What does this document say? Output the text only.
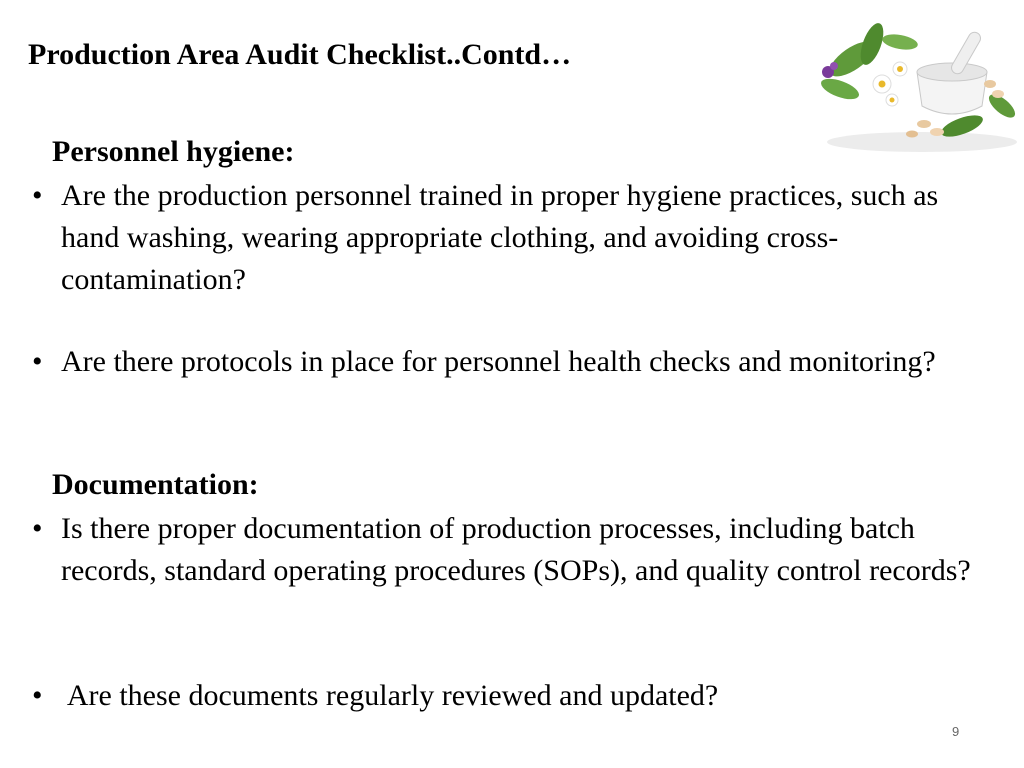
Production Area Audit Checklist..Contd…
Personnel hygiene:
• Are the production personnel trained in proper hygiene practices, such as hand washing, wearing appropriate clothing, and avoiding cross-contamination?
• Are there protocols in place for personnel health checks and monitoring?
Documentation:
• Is there proper documentation of production processes, including batch records, standard operating procedures (SOPs), and quality control records?
• Are these documents regularly reviewed and updated?
9
